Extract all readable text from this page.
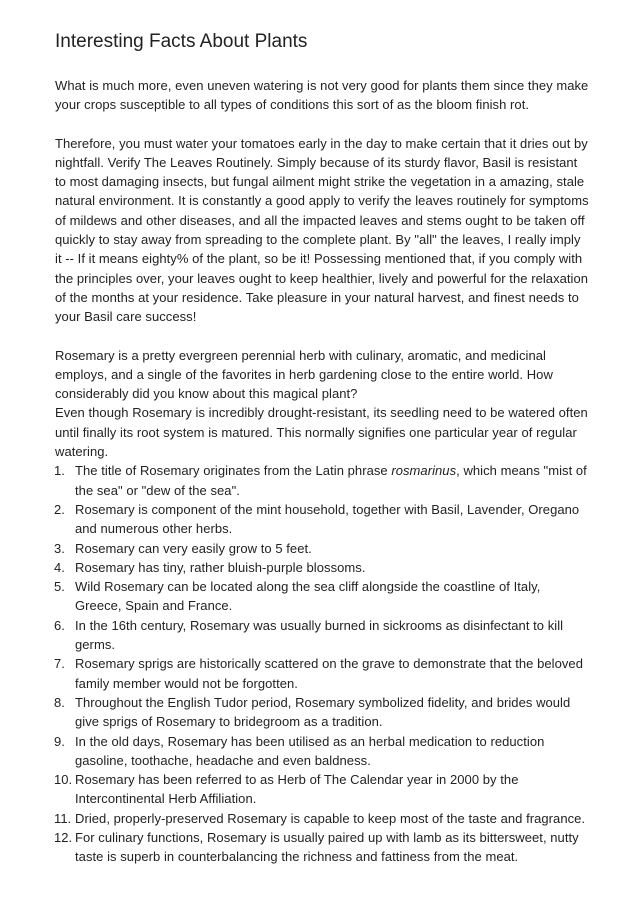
Interesting Facts About Plants

What is much more, even uneven watering is not very good for plants them since they make your crops susceptible to all types of conditions this sort of as the bloom finish rot.

Therefore, you must water your tomatoes early in the day to make certain that it dries out by nightfall. Verify The Leaves Routinely. Simply because of its sturdy flavor, Basil is resistant to most damaging insects, but fungal ailment might strike the vegetation in a amazing, stale natural environment. It is constantly a good apply to verify the leaves routinely for symptoms of mildews and other diseases, and all the impacted leaves and stems ought to be taken off quickly to stay away from spreading to the complete plant. By "all" the leaves, I really imply it -- If it means eighty% of the plant, so be it! Possessing mentioned that, if you comply with the principles over, your leaves ought to keep healthier, lively and powerful for the relaxation of the months at your residence. Take pleasure in your natural harvest, and finest needs to your Basil care success!

Rosemary is a pretty evergreen perennial herb with culinary, aromatic, and medicinal employs, and a single of the favorites in herb gardening close to the entire world. How considerably did you know about this magical plant?

Even though Rosemary is incredibly drought-resistant, its seedling need to be watered often until finally its root system is matured. This normally signifies one particular year of regular watering.

1. The title of Rosemary originates from the Latin phrase rosmarinus, which means "mist of the sea" or "dew of the sea".
2. Rosemary is component of the mint household, together with Basil, Lavender, Oregano and numerous other herbs.
3. Rosemary can very easily grow to 5 feet.
4. Rosemary has tiny, rather bluish-purple blossoms.
5. Wild Rosemary can be located along the sea cliff alongside the coastline of Italy, Greece, Spain and France.
6. In the 16th century, Rosemary was usually burned in sickrooms as disinfectant to kill germs.
7. Rosemary sprigs are historically scattered on the grave to demonstrate that the beloved family member would not be forgotten.
8. Throughout the English Tudor period, Rosemary symbolized fidelity, and brides would give sprigs of Rosemary to bridegroom as a tradition.
9. In the old days, Rosemary has been utilised as an herbal medication to reduction gasoline, toothache, headache and even baldness.
10. Rosemary has been referred to as Herb of The Calendar year in 2000 by the Intercontinental Herb Affiliation.
11. Dried, properly-preserved Rosemary is capable to keep most of the taste and fragrance.
12. For culinary functions, Rosemary is usually paired up with lamb as its bittersweet, nutty taste is superb in counterbalancing the richness and fattiness from the meat.
